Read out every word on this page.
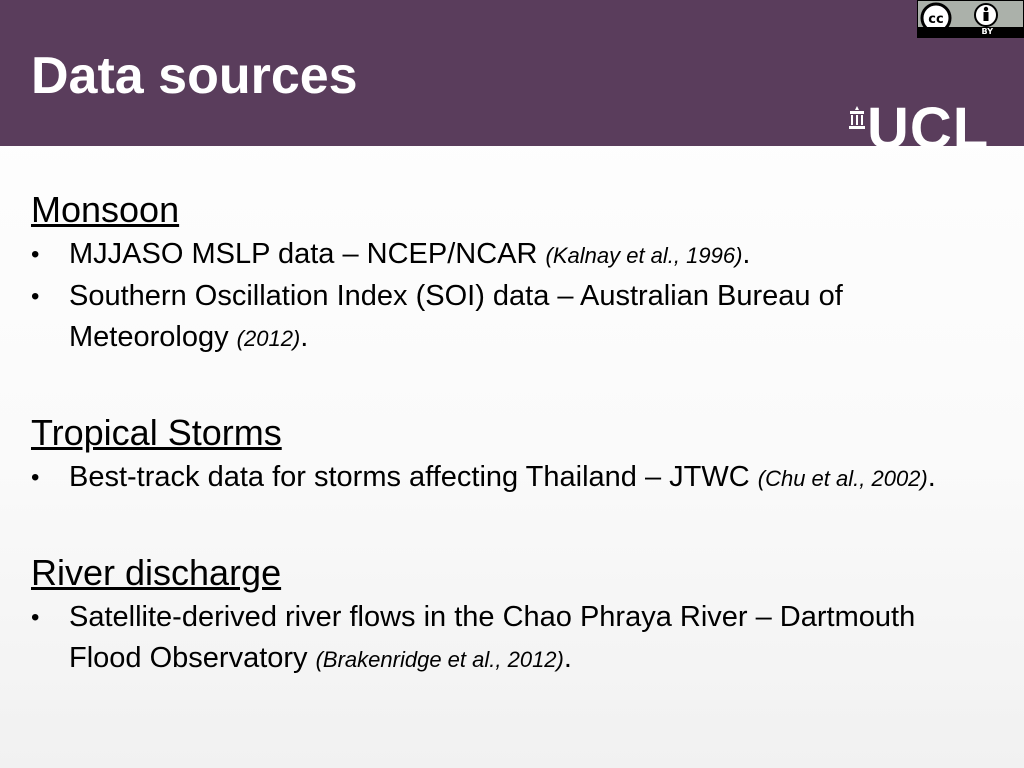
Data sources
cc
BY
UCL
Monsoon
• MJJASO MSLP data – NCEP/NCAR (Kalnay et al., 1996).
• Southern Oscillation Index (SOI) data – Australian Bureau of Meteorology (2012).
Tropical Storms
• Best-track data for storms affecting Thailand – JTWC (Chu et al., 2002).
River discharge
• Satellite-derived river flows in the Chao Phraya River – Dartmouth Flood Observatory (Brakenridge et al., 2012).
